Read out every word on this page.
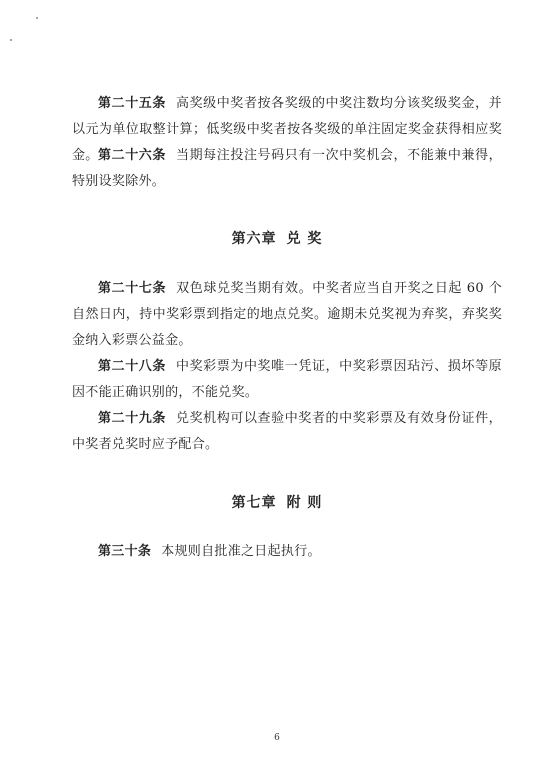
第二十五条 高奖级中奖者按各奖级的中奖注数均分该奖级奖金，并以元为单位取整计算；低奖级中奖者按各奖级的单注固定奖金获得相应奖金。 第二十六条 当期每注投注号码只有一次中奖机会，不能兼中兼得，特别设奖除外。

第六章 兑 奖

第二十七条 双色球兑奖当期有效。中奖者应当自开奖之日起 60 个自然日内，持中奖彩票到指定的地点兑奖。逾期未兑奖视为弃奖，弃奖奖金纳入彩票公益金。

第二十八条 中奖彩票为中奖唯一凭证，中奖彩票因玷污、损坏等原因不能正确识别的，不能兑奖。

第二十九条 兑奖机构可以查验中奖者的中奖彩票及有效身份证件，中奖者兑奖时应予配合。

第七章 附 则

第三十条 本规则自批准之日起执行。

6
